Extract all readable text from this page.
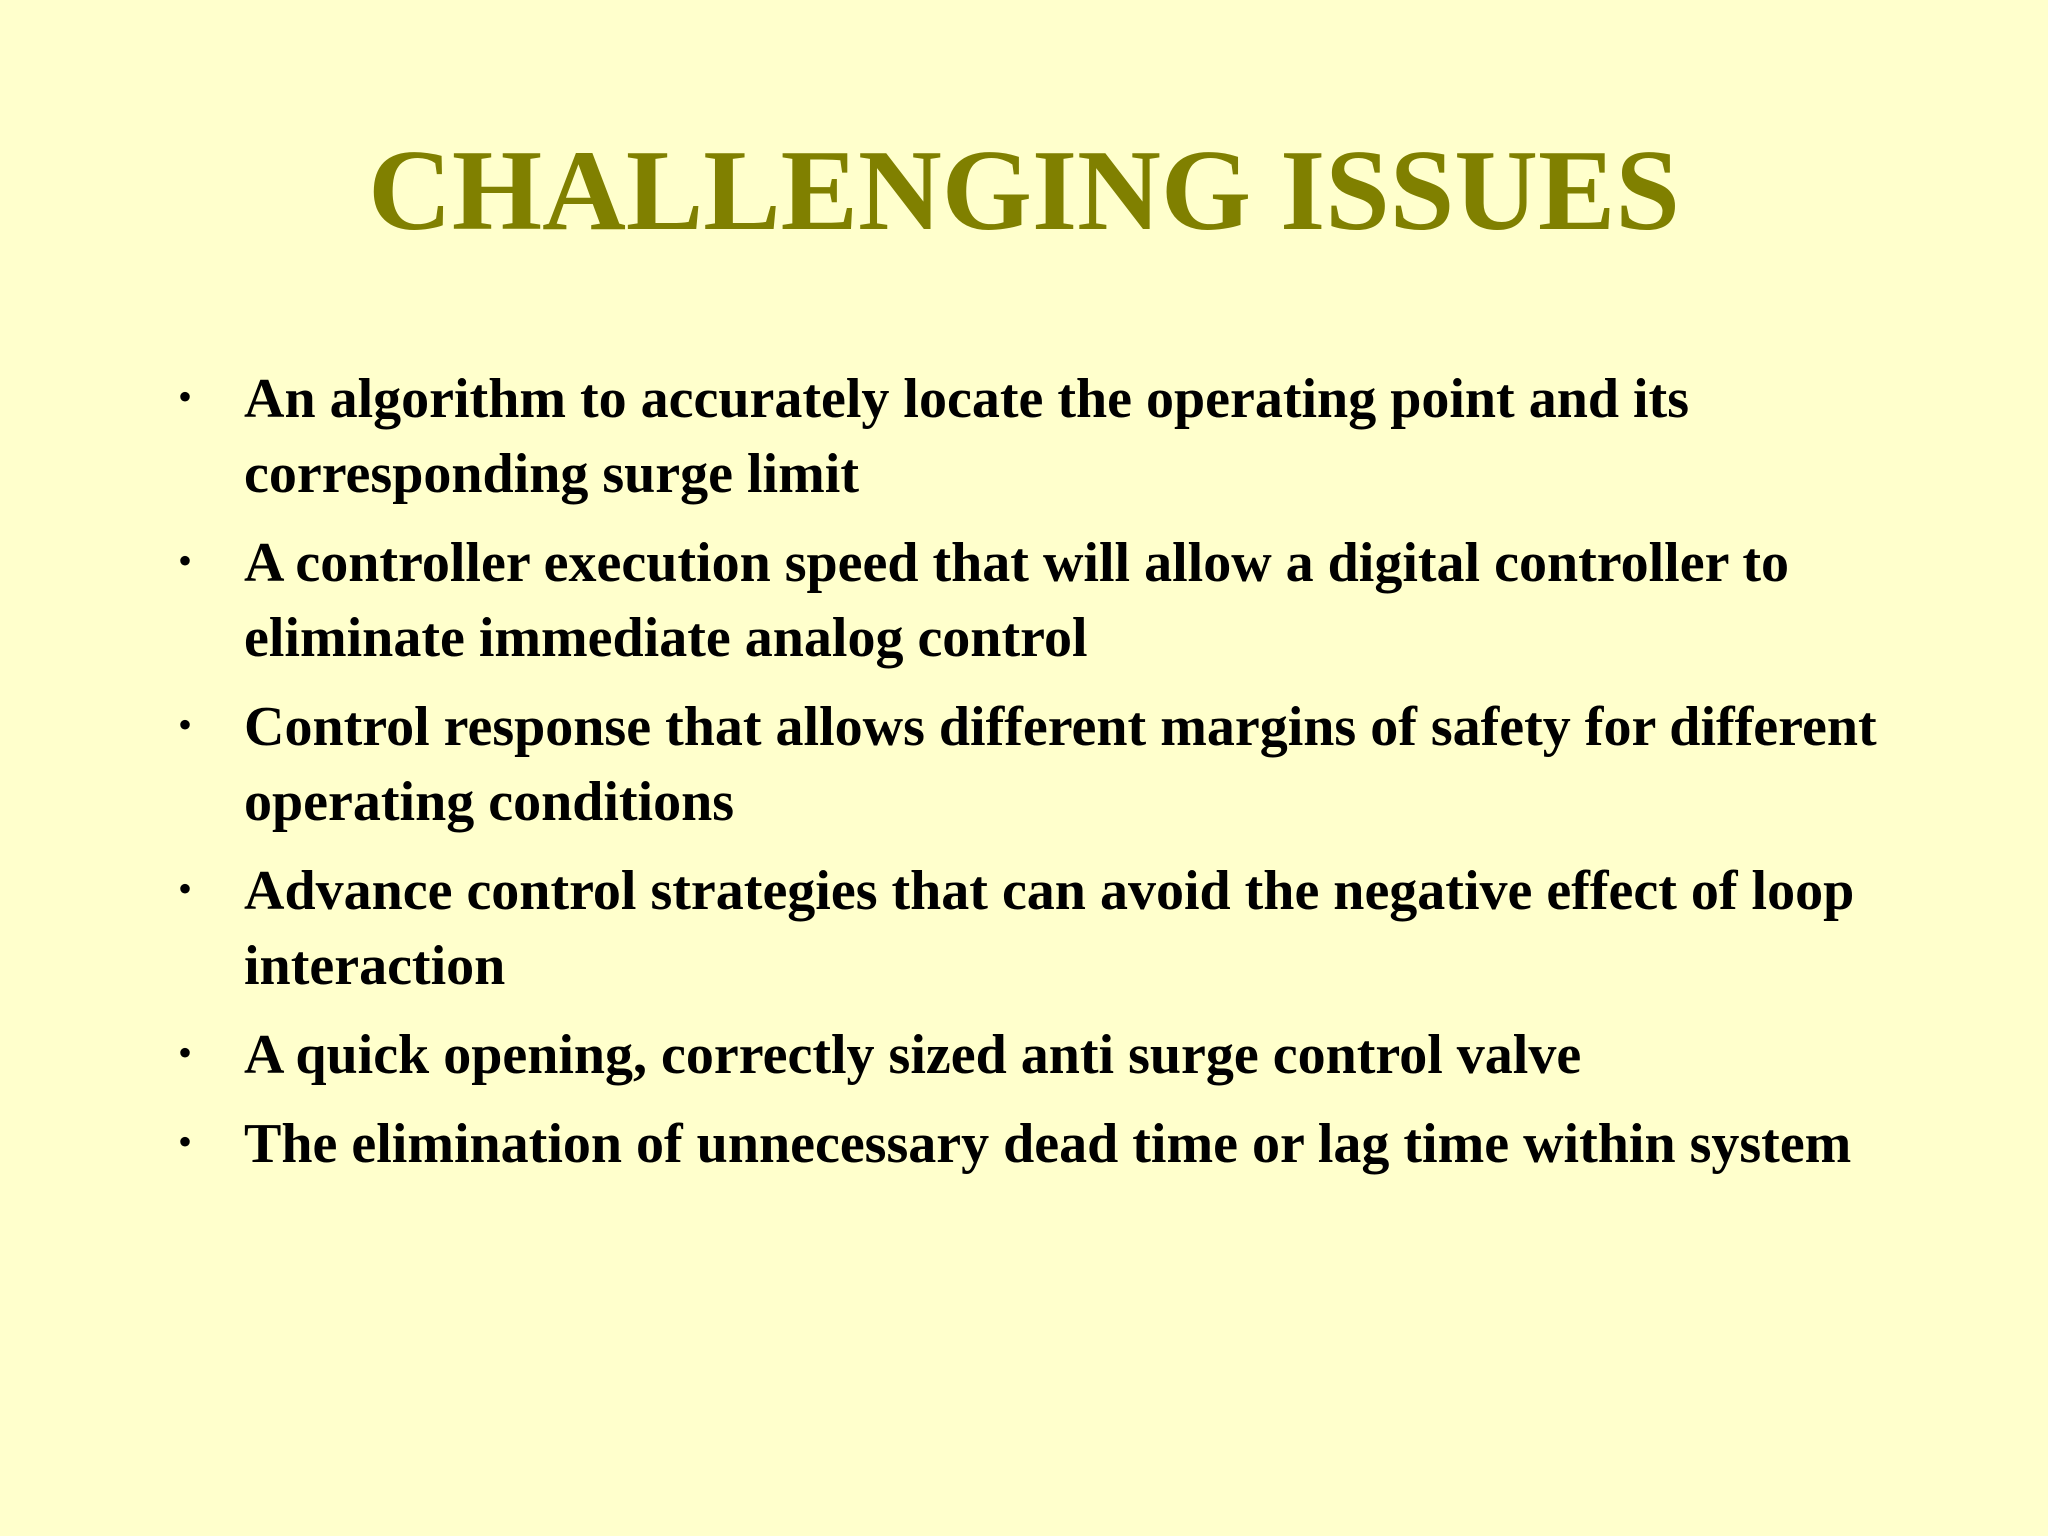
CHALLENGING ISSUES
• An algorithm to accurately locate the operating point and its corresponding surge limit
• A controller execution speed that will allow a digital controller to eliminate immediate analog control
• Control response that allows different margins of safety for different operating conditions
• Advance control strategies that can avoid the negative effect of loop interaction
• A quick opening, correctly sized anti surge control valve
• The elimination of unnecessary dead time or lag time within system
